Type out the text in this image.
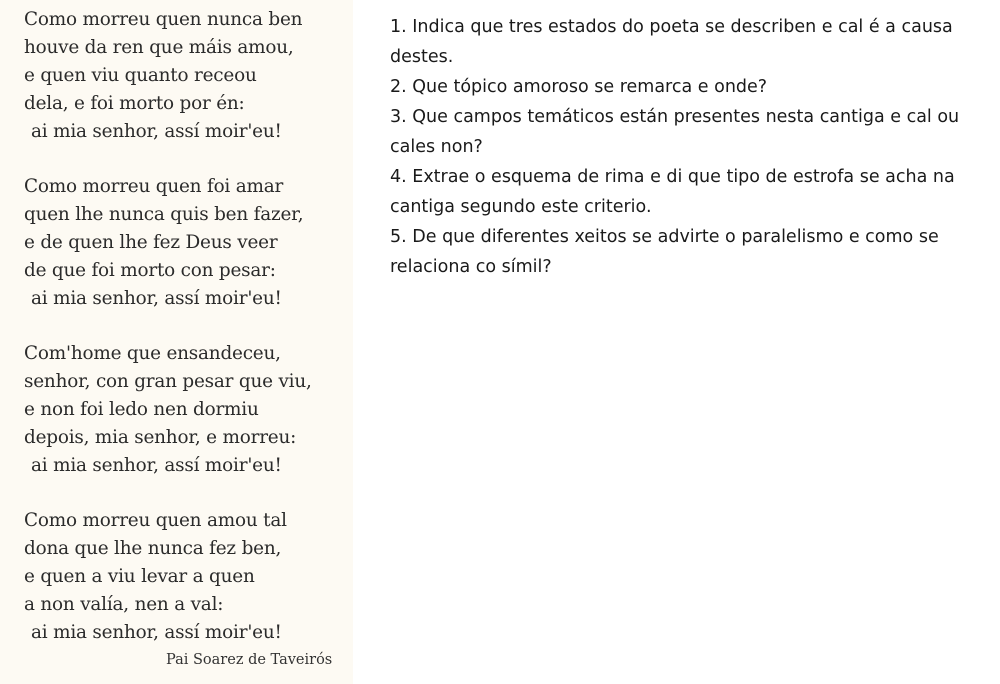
Como morreu quen nunca ben
houve da ren que máis amou,
e quen viu quanto receou
dela, e foi morto por én:
ai mia senhor, assí moir'eu!
Como morreu quen foi amar
quen lhe nunca quis ben fazer,
e de quen lhe fez Deus veer
de que foi morto con pesar:
ai mia senhor, assí moir'eu!
Com'home que ensandeceu,
senhor, con gran pesar que viu,
e non foi ledo nen dormiu
depois, mia senhor, e morreu:
ai mia senhor, assí moir'eu!
Como morreu quen amou tal
dona que lhe nunca fez ben,
e quen a viu levar a quen
a non valía, nen a val:
ai mia senhor, assí moir'eu!
Pai Soarez de Taveirós

1. Indica que tres estados do poeta se describen e cal é a causa destes.

2. Que tópico amoroso se remarca e onde?

3. Que campos temáticos están presentes nesta cantiga e cal ou cales non?

4. Extrae o esquema de rima e di que tipo de estrofa se acha na cantiga segundo este criterio.

5. De que diferentes xeitos se advirte o paralelismo e como se relaciona co símil?
